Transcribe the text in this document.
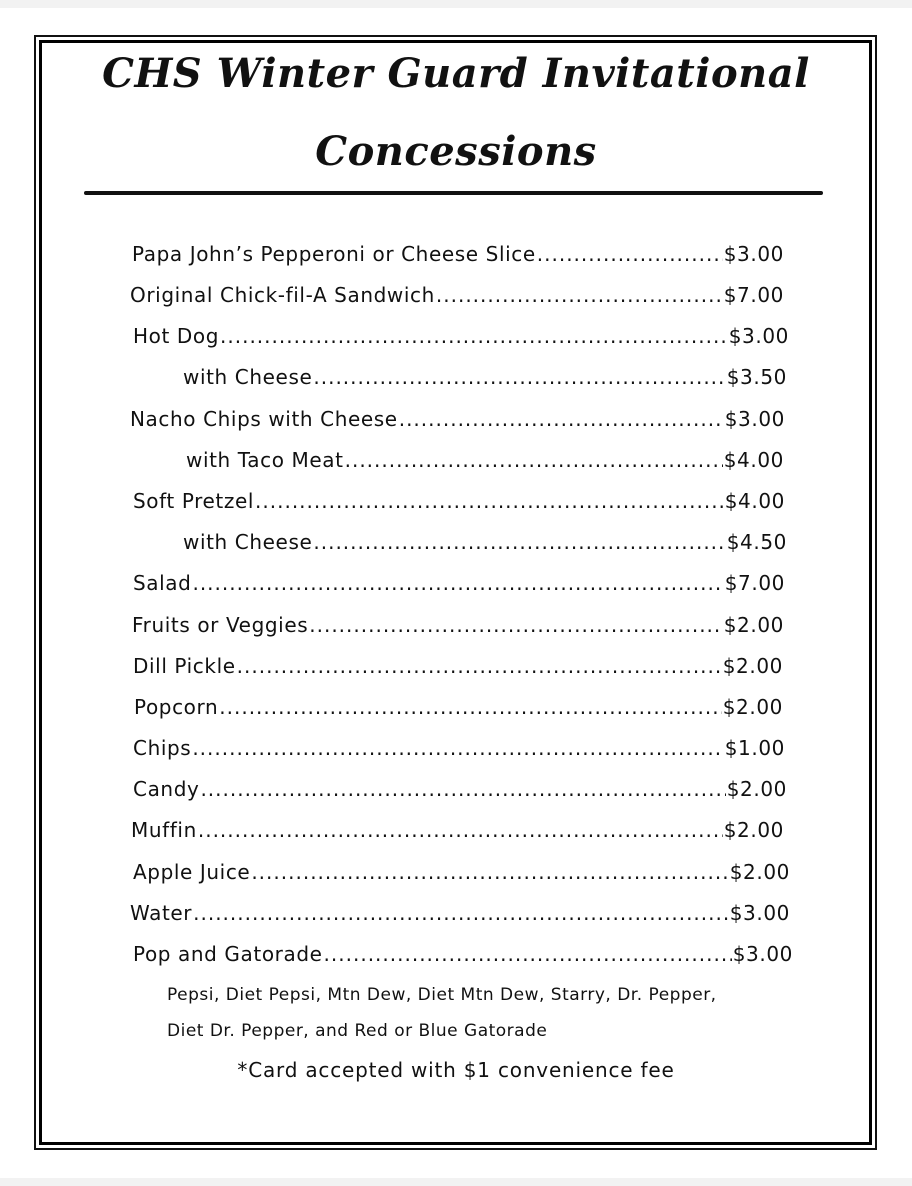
CHS Winter Guard Invitational
Concessions
Papa John’s Pepperoni or Cheese Slice .....	$3.00
Original Chick-fil-A Sandwich .....	$7.00
Hot Dog .....	$3.00
with Cheese .....	$3.50
Nacho Chips with Cheese .....	$3.00
with Taco Meat .....	$4.00
Soft Pretzel .....	$4.00
with Cheese .....	$4.50
Salad .....	$7.00
Fruits or Veggies .....	$2.00
Dill Pickle .....	$2.00
Popcorn .....	$2.00
Chips .....	$1.00
Candy .....	$2.00
Muffin .....	$2.00
Apple Juice .....	$2.00
Water .....	$3.00
Pop and Gatorade .....	$3.00
Pepsi, Diet Pepsi, Mtn Dew, Diet Mtn Dew, Starry, Dr. Pepper,
Diet Dr. Pepper, and Red or Blue Gatorade
*Card accepted with $1 convenience fee
